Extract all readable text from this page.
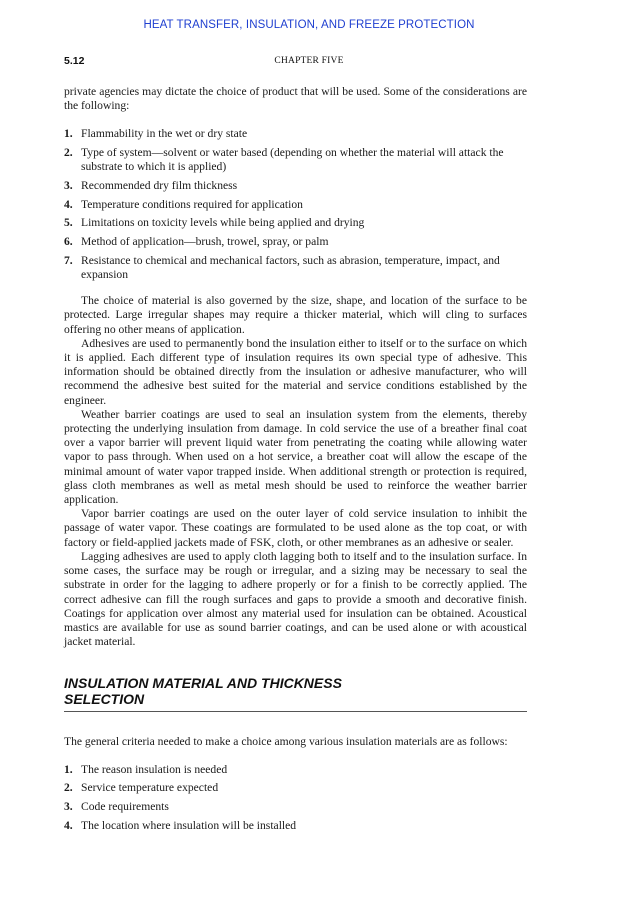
HEAT TRANSFER, INSULATION, AND FREEZE PROTECTION
5.12	CHAPTER FIVE

private agencies may dictate the choice of product that will be used. Some of the considerations are the following:

1. Flammability in the wet or dry state
2. Type of system—solvent or water based (depending on whether the material will attack the substrate to which it is applied)
3. Recommended dry film thickness
4. Temperature conditions required for application
5. Limitations on toxicity levels while being applied and drying
6. Method of application—brush, trowel, spray, or palm
7. Resistance to chemical and mechanical factors, such as abrasion, temperature, impact, and expansion

The choice of material is also governed by the size, shape, and location of the surface to be protected. Large irregular shapes may require a thicker material, which will cling to surfaces offering no other means of application.

Adhesives are used to permanently bond the insulation either to itself or to the surface on which it is applied. Each different type of insulation requires its own special type of adhesive. This information should be obtained directly from the insulation or adhesive manufacturer, who will recommend the adhesive best suited for the material and service conditions established by the engineer.

Weather barrier coatings are used to seal an insulation system from the elements, thereby protecting the underlying insulation from damage. In cold service the use of a breather final coat over a vapor barrier will prevent liquid water from penetrating the coating while allowing water vapor to pass through. When used on a hot service, a breather coat will allow the escape of the minimal amount of water vapor trapped inside. When additional strength or protection is required, glass cloth membranes as well as metal mesh should be used to reinforce the weather barrier application.

Vapor barrier coatings are used on the outer layer of cold service insulation to inhibit the passage of water vapor. These coatings are formulated to be used alone as the top coat, or with factory or field-applied jackets made of FSK, cloth, or other membranes as an adhesive or sealer.

Lagging adhesives are used to apply cloth lagging both to itself and to the insulation surface. In some cases, the surface may be rough or irregular, and a sizing may be necessary to seal the substrate in order for the lagging to adhere properly or for a finish to be correctly applied. The correct adhesive can fill the rough surfaces and gaps to provide a smooth and decorative finish. Coatings for application over almost any material used for insulation can be obtained. Acoustical mastics are available for use as sound barrier coatings, and can be used alone or with acoustical jacket material.

INSULATION MATERIAL AND THICKNESS
SELECTION

The general criteria needed to make a choice among various insulation materials are as follows:

1. The reason insulation is needed
2. Service temperature expected
3. Code requirements
4. The location where insulation will be installed
